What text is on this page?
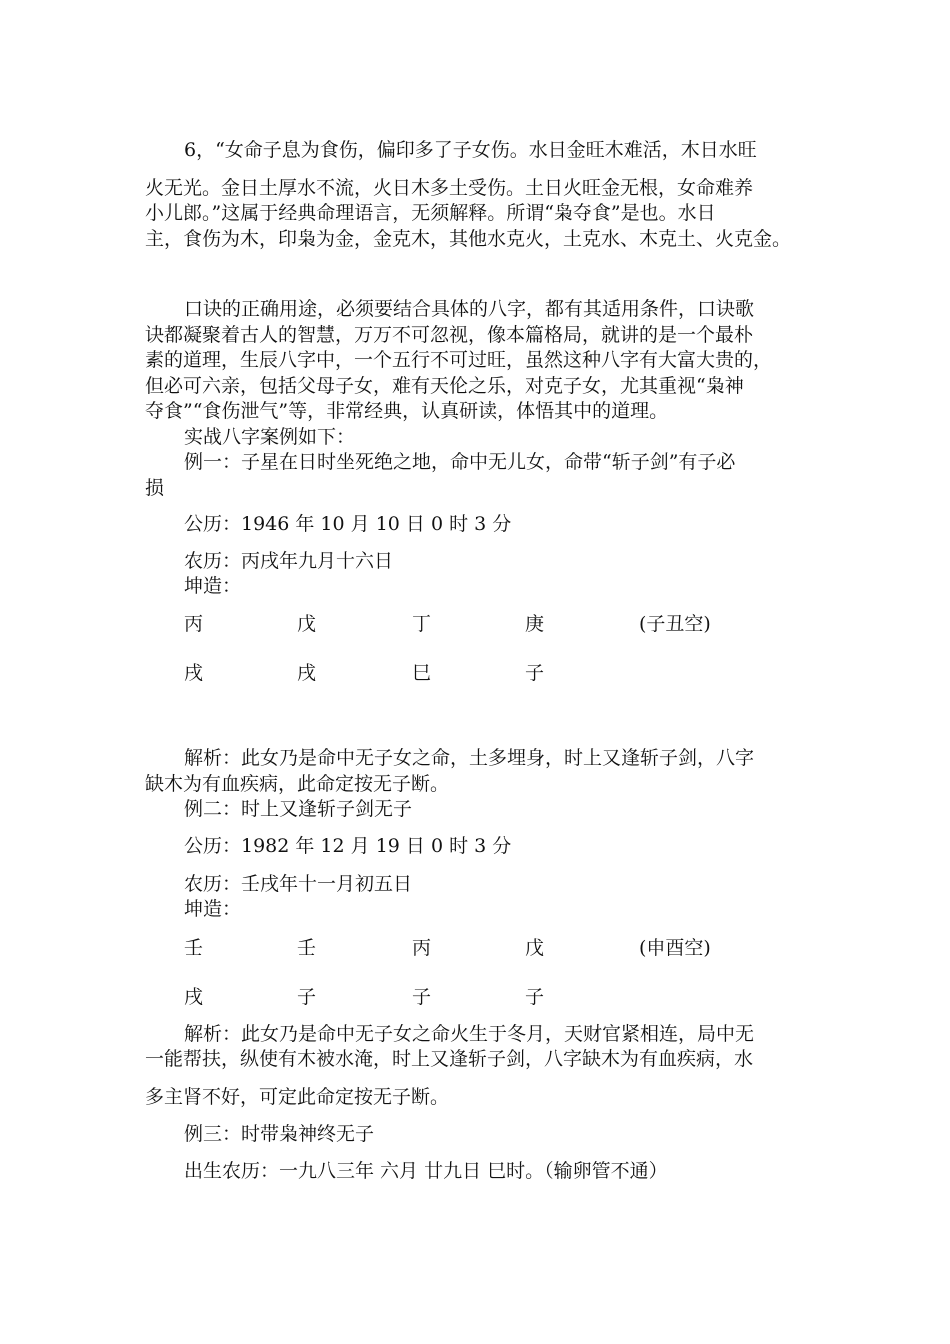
6，“女命子息为食伤，偏印多了子女伤。水日金旺木难活，木日水旺
火无光。金日土厚水不流，火日木多土受伤。土日火旺金无根，女命难养
小儿郎。”这属于经典命理语言，无须解释。所谓“枭夺食”是也。水日
主，食伤为木，印枭为金，金克木，其他水克火，土克水、木克土、火克金。
口诀的正确用途，必须要结合具体的八字，都有其适用条件，口诀歌
诀都凝聚着古人的智慧，万万不可忽视，像本篇格局，就讲的是一个最朴
素的道理，生辰八字中，一个五行不可过旺，虽然这种八字有大富大贵的，
但必可六亲，包括父母子女，难有天伦之乐，对克子女，尤其重视“枭神
夺食”“食伤泄气”等，非常经典，认真研读，体悟其中的道理。
实战八字案例如下：
例一：子星在日时坐死绝之地，命中无儿女，命带“斩子剑”有子必
损
公历：1946 年 10 月 10 日 0 时 3 分
农历：丙戌年九月十六日
坤造：
丙	戊	丁	庚	(子丑空)
戌	戌	巳	子
解析：此女乃是命中无子女之命，土多埋身，时上又逢斩子剑，八字
缺木为有血疾病，此命定按无子断。
例二：时上又逢斩子剑无子
公历：1982 年 12 月 19 日 0 时 3 分
农历：壬戌年十一月初五日
坤造：
壬	壬	丙	戊	(申酉空)
戌	子	子	子
解析：此女乃是命中无子女之命火生于冬月，天财官紧相连，局中无
一能帮扶，纵使有木被水淹，时上又逢斩子剑，八字缺木为有血疾病，水
多主肾不好，可定此命定按无子断。
例三：时带枭神终无子
出生农历：一九八三年 六月 廿九日 巳时。（输卵管不通）
